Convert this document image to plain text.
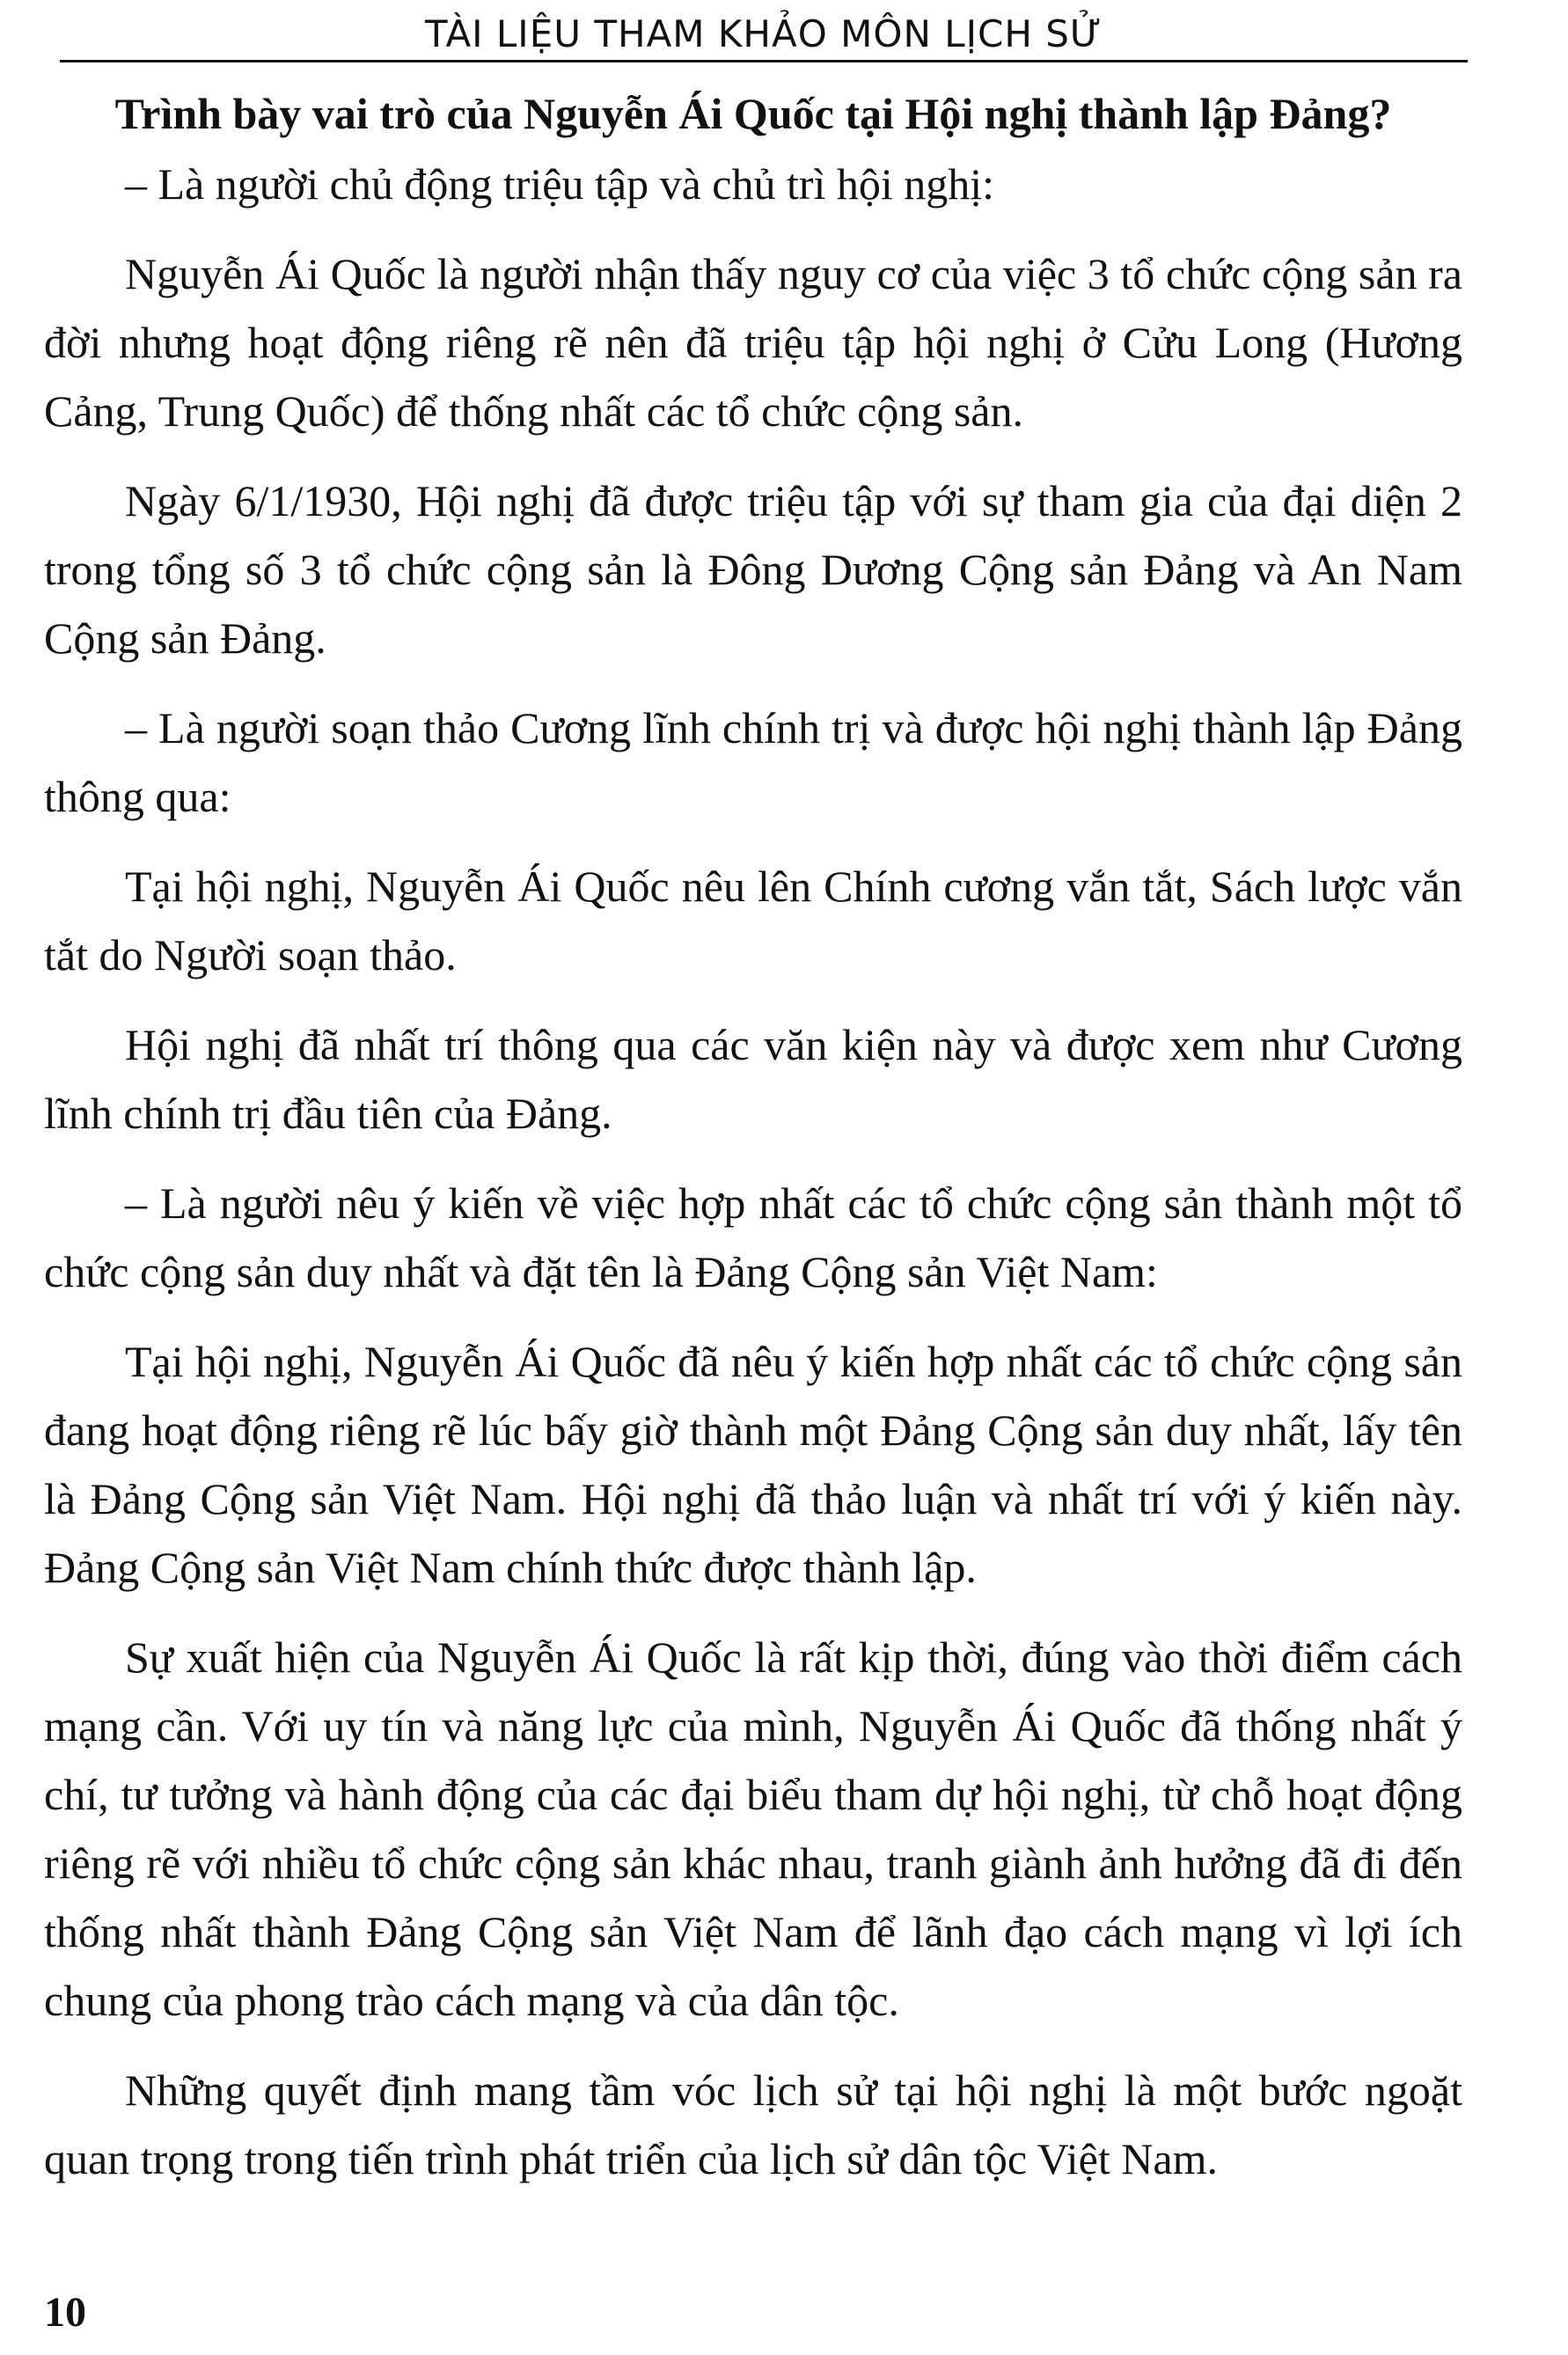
TÀI LIỆU THAM KHẢO MÔN LỊCH SỬ
Trình bày vai trò của Nguyễn Ái Quốc tại Hội nghị thành lập Đảng?

– Là người chủ động triệu tập và chủ trì hội nghị:

Nguyễn Ái Quốc là người nhận thấy nguy cơ của việc 3 tổ chức cộng sản ra đời nhưng hoạt động riêng rẽ nên đã triệu tập hội nghị ở Cửu Long (Hương Cảng, Trung Quốc) để thống nhất các tổ chức cộng sản.

Ngày 6/1/1930, Hội nghị đã được triệu tập với sự tham gia của đại diện 2 trong tổng số 3 tổ chức cộng sản là Đông Dương Cộng sản Đảng và An Nam Cộng sản Đảng.

– Là người soạn thảo Cương lĩnh chính trị và được hội nghị thành lập Đảng thông qua:

Tại hội nghị, Nguyễn Ái Quốc nêu lên Chính cương vắn tắt, Sách lược vắn tắt do Người soạn thảo.

Hội nghị đã nhất trí thông qua các văn kiện này và được xem như Cương lĩnh chính trị đầu tiên của Đảng.

– Là người nêu ý kiến về việc hợp nhất các tổ chức cộng sản thành một tổ chức cộng sản duy nhất và đặt tên là Đảng Cộng sản Việt Nam:

Tại hội nghị, Nguyễn Ái Quốc đã nêu ý kiến hợp nhất các tổ chức cộng sản đang hoạt động riêng rẽ lúc bấy giờ thành một Đảng Cộng sản duy nhất, lấy tên là Đảng Cộng sản Việt Nam. Hội nghị đã thảo luận và nhất trí với ý kiến này. Đảng Cộng sản Việt Nam chính thức được thành lập.

Sự xuất hiện của Nguyễn Ái Quốc là rất kịp thời, đúng vào thời điểm cách mạng cần. Với uy tín và năng lực của mình, Nguyễn Ái Quốc đã thống nhất ý chí, tư tưởng và hành động của các đại biểu tham dự hội nghị, từ chỗ hoạt động riêng rẽ với nhiều tổ chức cộng sản khác nhau, tranh giành ảnh hưởng đã đi đến thống nhất thành Đảng Cộng sản Việt Nam để lãnh đạo cách mạng vì lợi ích chung của phong trào cách mạng và của dân tộc.

Những quyết định mang tầm vóc lịch sử tại hội nghị là một bước ngoặt quan trọng trong tiến trình phát triển của lịch sử dân tộc Việt Nam.

10
